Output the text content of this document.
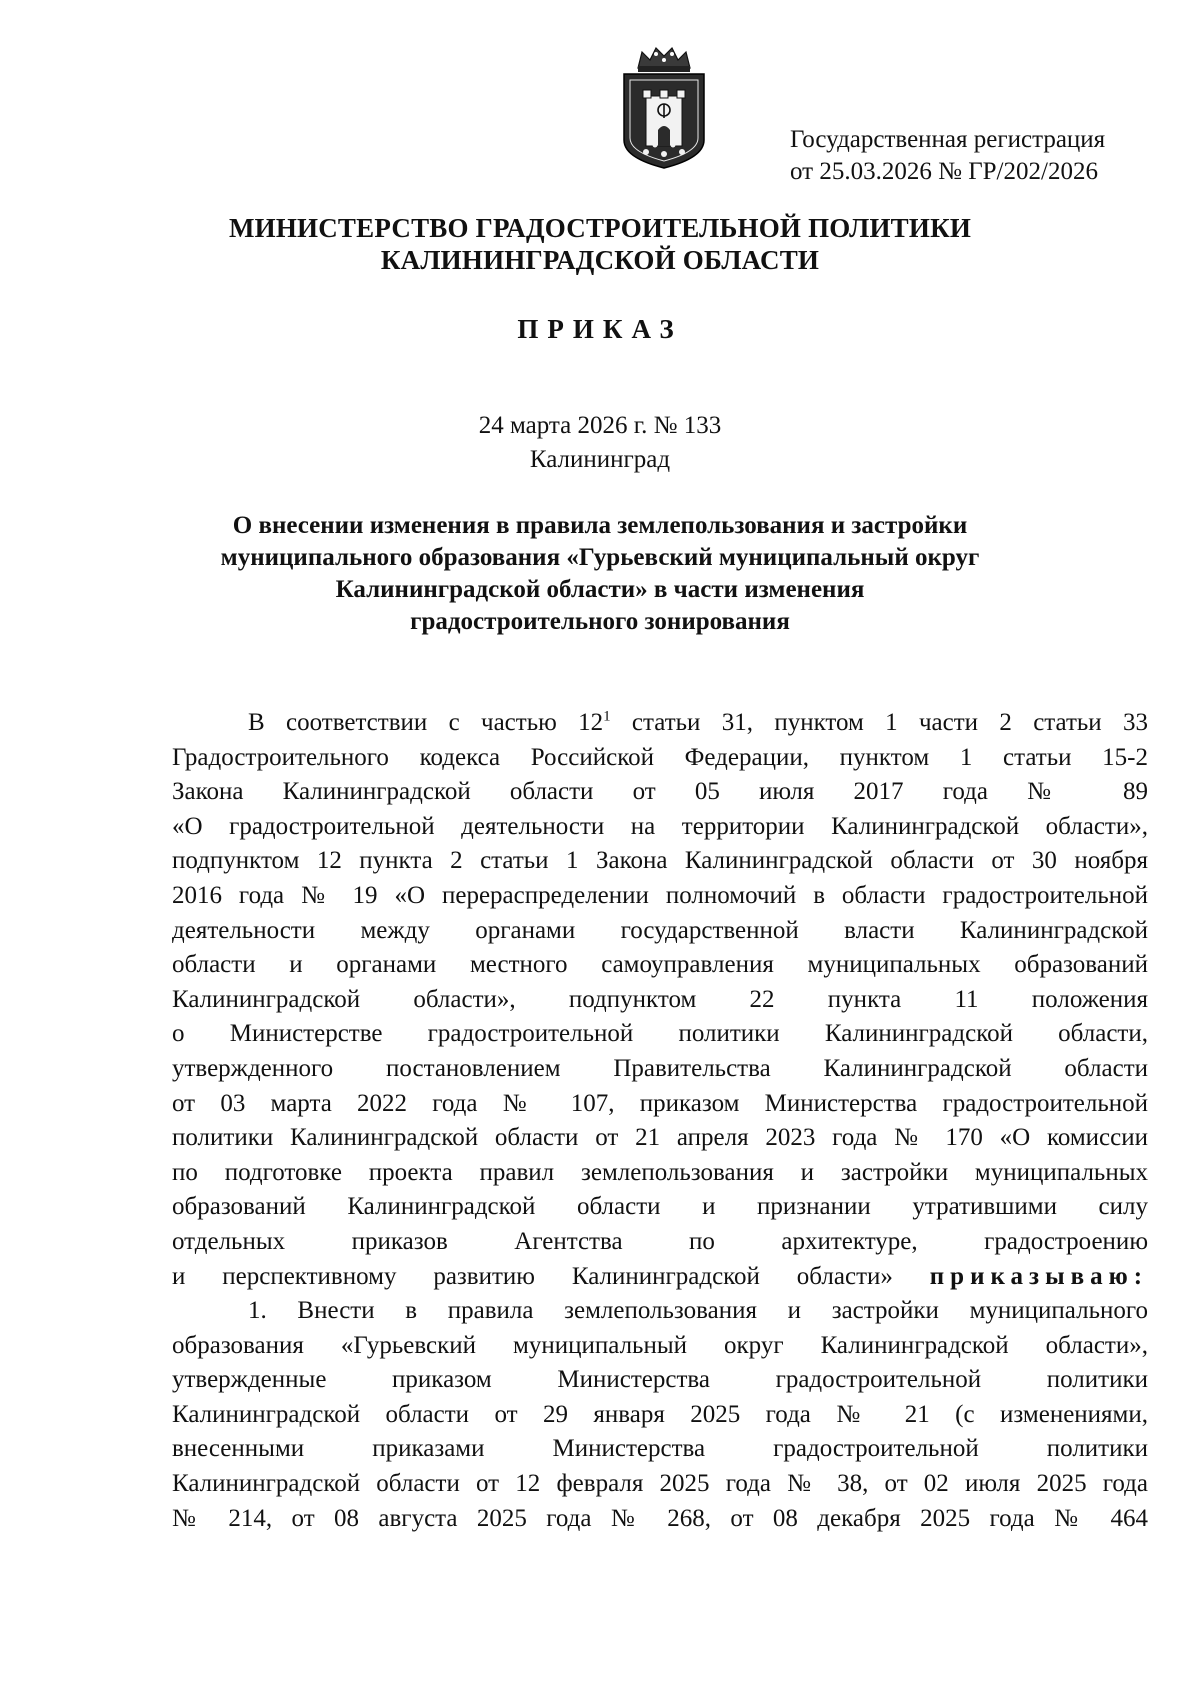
Государственная регистрация
от 25.03.2026 № ГР/202/2026
МИНИСТЕРСТВО ГРАДОСТРОИТЕЛЬНОЙ ПОЛИТИКИ
КАЛИНИНГРАДСКОЙ ОБЛАСТИ
ПРИКАЗ
24 марта 2026 г. № 133
Калининград
О внесении изменения в правила землепользования и застройки
муниципального образования «Гурьевский муниципальный округ
Калининградской области» в части изменения
градостроительного зонирования
В соответствии с частью $12^1$ статьи 31, пунктом 1 части 2 статьи 33
Градостроительного кодекса Российской Федерации, пунктом 1 статьи 15-2
Закона Калининградской области от 05 июля 2017 года № 89
«О градостроительной деятельности на территории Калининградской области»,
подпунктом 12 пункта 2 статьи 1 Закона Калининградской области от 30 ноября
2016 года № 19 «О перераспределении полномочий в области градостроительной
деятельности между органами государственной власти Калининградской
области и органами местного самоуправления муниципальных образований
Калининградской области», подпунктом 22 пункта 11 положения
о Министерстве градостроительной политики Калининградской области,
утвержденного постановлением Правительства Калининградской области
от 03 марта 2022 года № 107, приказом Министерства градостроительной
политики Калининградской области от 21 апреля 2023 года № 170 «О комиссии
по подготовке проекта правил землепользования и застройки муниципальных
образований Калининградской области и признании утратившими силу
отдельных приказов Агентства по архитектуре, градостроению
и перспективному развитию Калининградской области» приказываю:
1. Внести в правила землепользования и застройки муниципального
образования «Гурьевский муниципальный округ Калининградской области»,
утвержденные приказом Министерства градостроительной политики
Калининградской области от 29 января 2025 года № 21 (с изменениями,
внесенными приказами Министерства градостроительной политики
Калининградской области от 12 февраля 2025 года № 38, от 02 июля 2025 года
№ 214, от 08 августа 2025 года № 268, от 08 декабря 2025 года № 464
